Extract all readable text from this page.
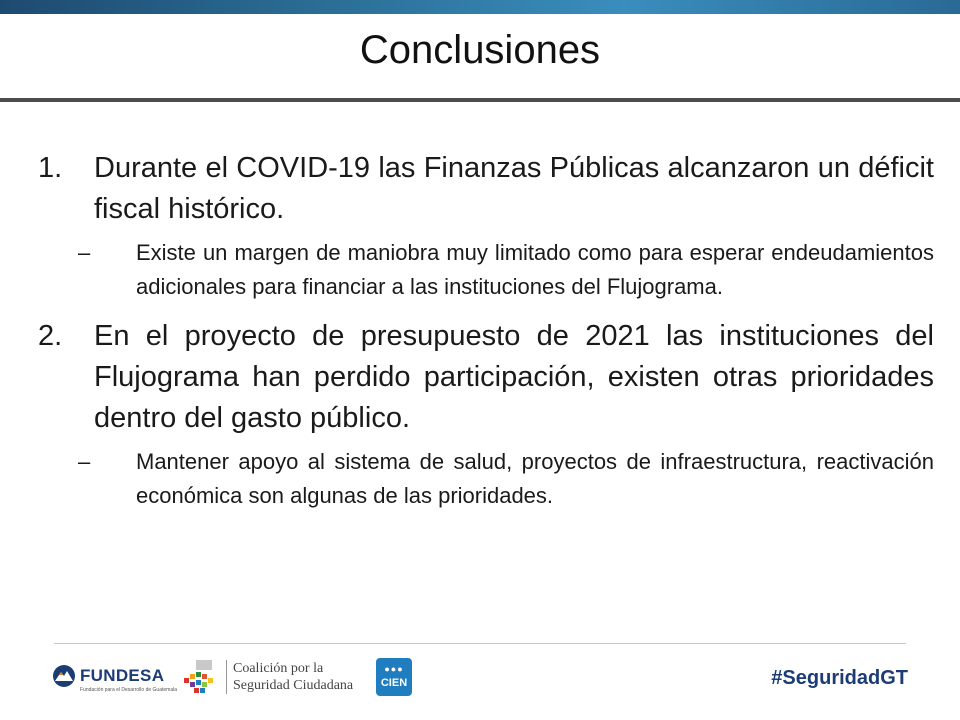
Conclusiones
1.	Durante el COVID-19 las Finanzas Públicas alcanzaron un déficit fiscal histórico.
–	Existe un margen de maniobra muy limitado como para esperar endeudamientos adicionales para financiar a las instituciones del Flujograma.
2.	En el proyecto de presupuesto de 2021 las instituciones del Flujograma han perdido participación, existen otras prioridades dentro del gasto público.
–	Mantener apoyo al sistema de salud, proyectos de infraestructura, reactivación económica son algunas de las prioridades.
FUNDESA
Fundación para el Desarrollo de Guatemala
Coalición por la
Seguridad Ciudadana
●●●
CIEN	#SeguridadGT
